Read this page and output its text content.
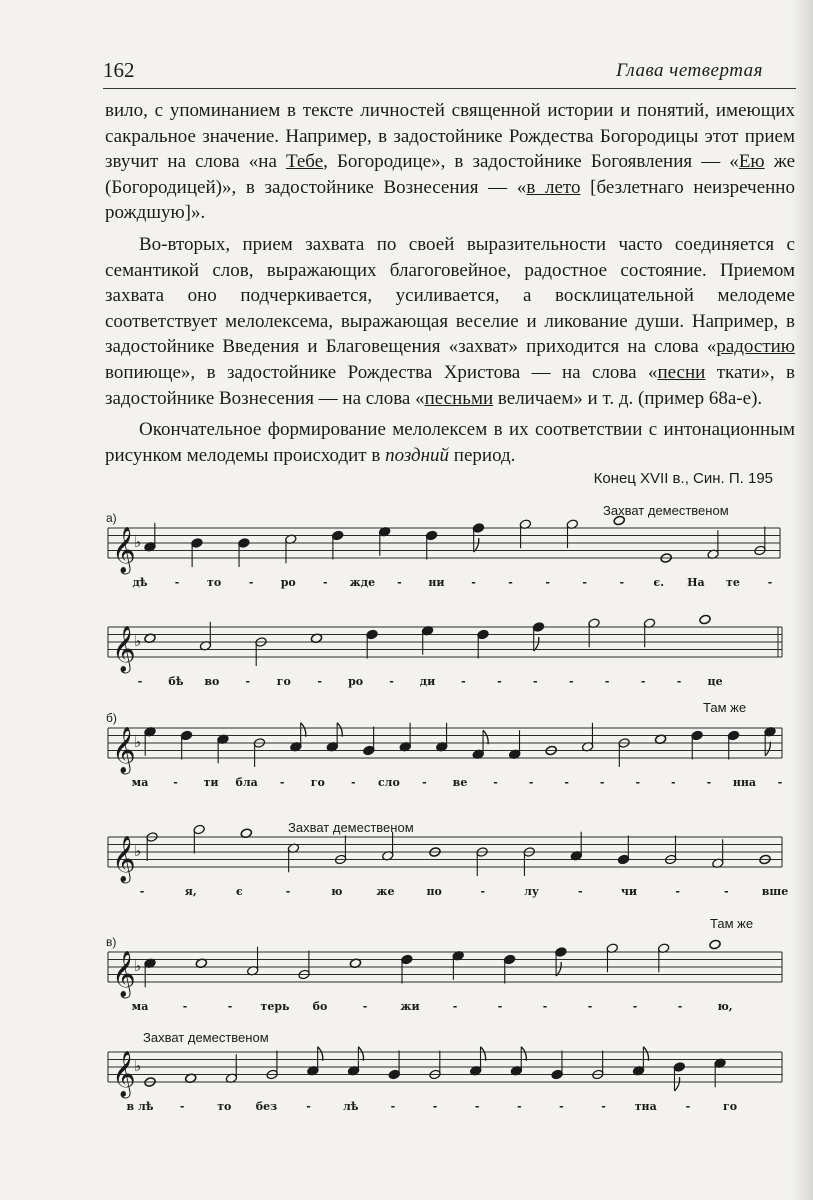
162	Глава четвертая

вило, с упоминанием в тексте личностей священной истории и понятий, имеющих сакральное значение. Например, в задостойнике Рождества Богородицы этот прием звучит на слова «на Тебе, Богородице», в задостойнике Богоявления — «Ею же (Богородицей)», в задостойнике Вознесения — «в лето [безлетнаго неизреченно рождшую]».

Во-вторых, прием захвата по своей выразительности часто соединяется с семантикой слов, выражающих благоговейное, радостное состояние. Приемом захвата оно подчеркивается, усиливается, а восклицательной мелодеме соответствует мелолексема, выражающая веселие и ликование души. Например, в задостойнике Введения и Благовещения «захват» приходится на слова «радостию вопиюще», в задостойнике Рождества Христова — на слова «песни ткати», в задостойнике Вознесения — на слова «песньми величаем» и т. д. (пример 68а-е).

Окончательное формирование мелолексем в их соответствии с интонационным рисунком мелодемы происходит в поздний период.

Конец XVII в., Син. П. 195
Захват демественом
Там же
Захват демественом
Там же
Захват демественом
𝄞
♭
а)
дѣ -	то	- ро - жде - ни -	-	-	-	-	є. На те	-
𝄞
♭
- бѣ во - го - ро - ди -	-	-	-	-	-	- це
𝄞
♭
б)
ма - ти бла - го - сло - ве -	-	-	-	-	-	- нна -
𝄞
♭
-	я,	є	-	ю	же	по	-	лу	-	чи	-	-	вше
𝄞
♭
в)
ма	-	-	терь бо	-	жи	-	-	-	-	-	-	ю,
𝄞
♭
в лѣ -	то без	-	лѣ	-	-	-	-	-	-	тна	-	го
